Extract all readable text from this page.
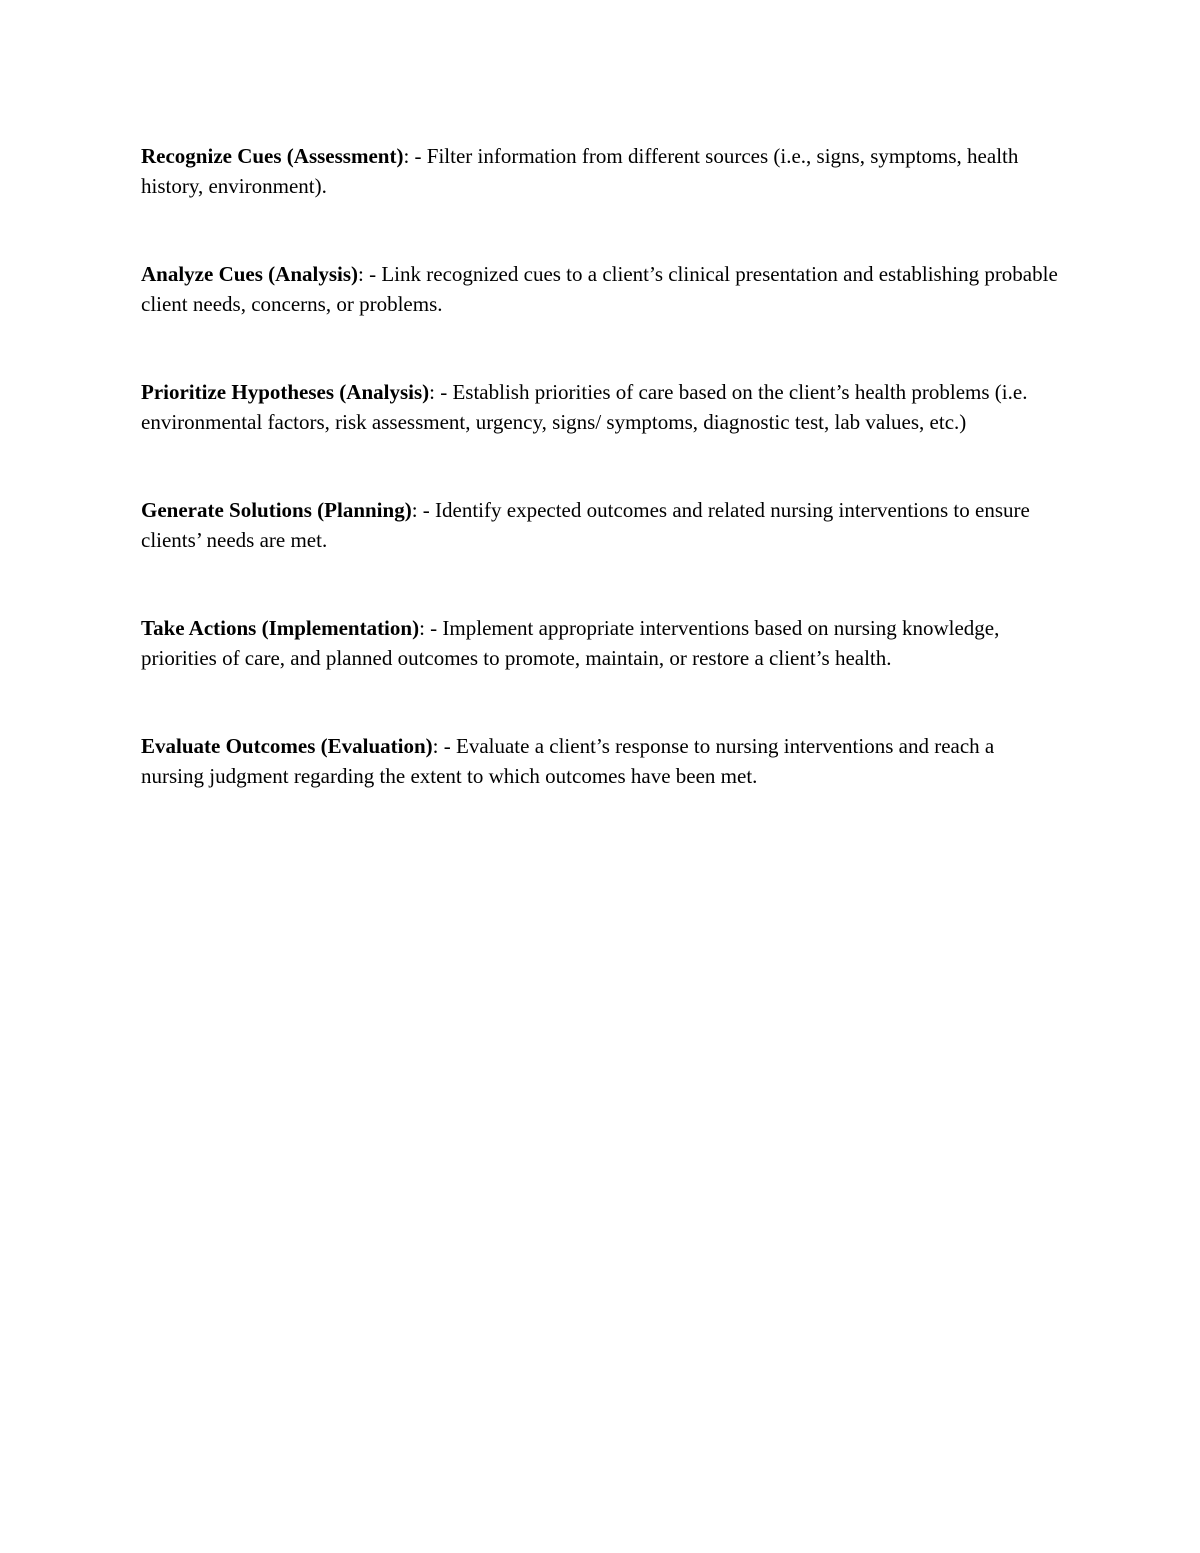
Recognize Cues (Assessment): - Filter information from different sources (i.e., signs, symptoms, health history, environment).

Analyze Cues (Analysis): - Link recognized cues to a client’s clinical presentation and establishing probable client needs, concerns, or problems.

Prioritize Hypotheses (Analysis): - Establish priorities of care based on the client’s health problems (i.e. environmental factors, risk assessment, urgency, signs/ symptoms, diagnostic test, lab values, etc.)

Generate Solutions (Planning): - Identify expected outcomes and related nursing interventions to ensure clients’ needs are met.

Take Actions (Implementation): - Implement appropriate interventions based on nursing knowledge, priorities of care, and planned outcomes to promote, maintain, or restore a client’s health.

Evaluate Outcomes (Evaluation): - Evaluate a client’s response to nursing interventions and reach a nursing judgment regarding the extent to which outcomes have been met.
